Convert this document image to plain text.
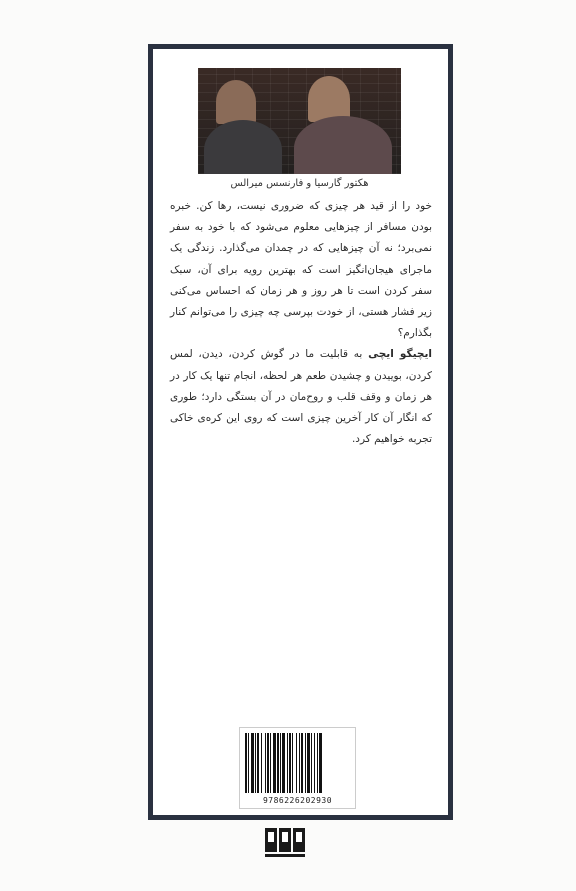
هکتور گارسیا و فارنسس میرالس

خود را از قید هر چیزی که ضروری نیست، رها کن. خبره بودن مسافر از چیزهایی معلوم می‌شود که با خود به سفر نمی‌برد؛ نه آن چیزهایی که در چمدان می‌گذارد. زندگی یک ماجرای هیجان‌انگیز است که بهترین رویه برای آن، سبک سفر کردن است تا هر روز و هر زمان که احساس می‌کنی زیر فشار هستی، از خودت بپرسی چه چیزی را می‌توانم کنار بگذارم؟

ایچیگو ایچی به قابلیت ما در گوش کردن، دیدن، لمس کردن، بوییدن و چشیدن طعم هر لحظه، انجام تنها یک کار در هر زمان و وقف قلب و روح‌مان در آن بستگی دارد؛ طوری که انگار آن کار آخرین چیزی است که روی این کره‌ی خاکی تجربه خواهیم کرد.

9786226202930
